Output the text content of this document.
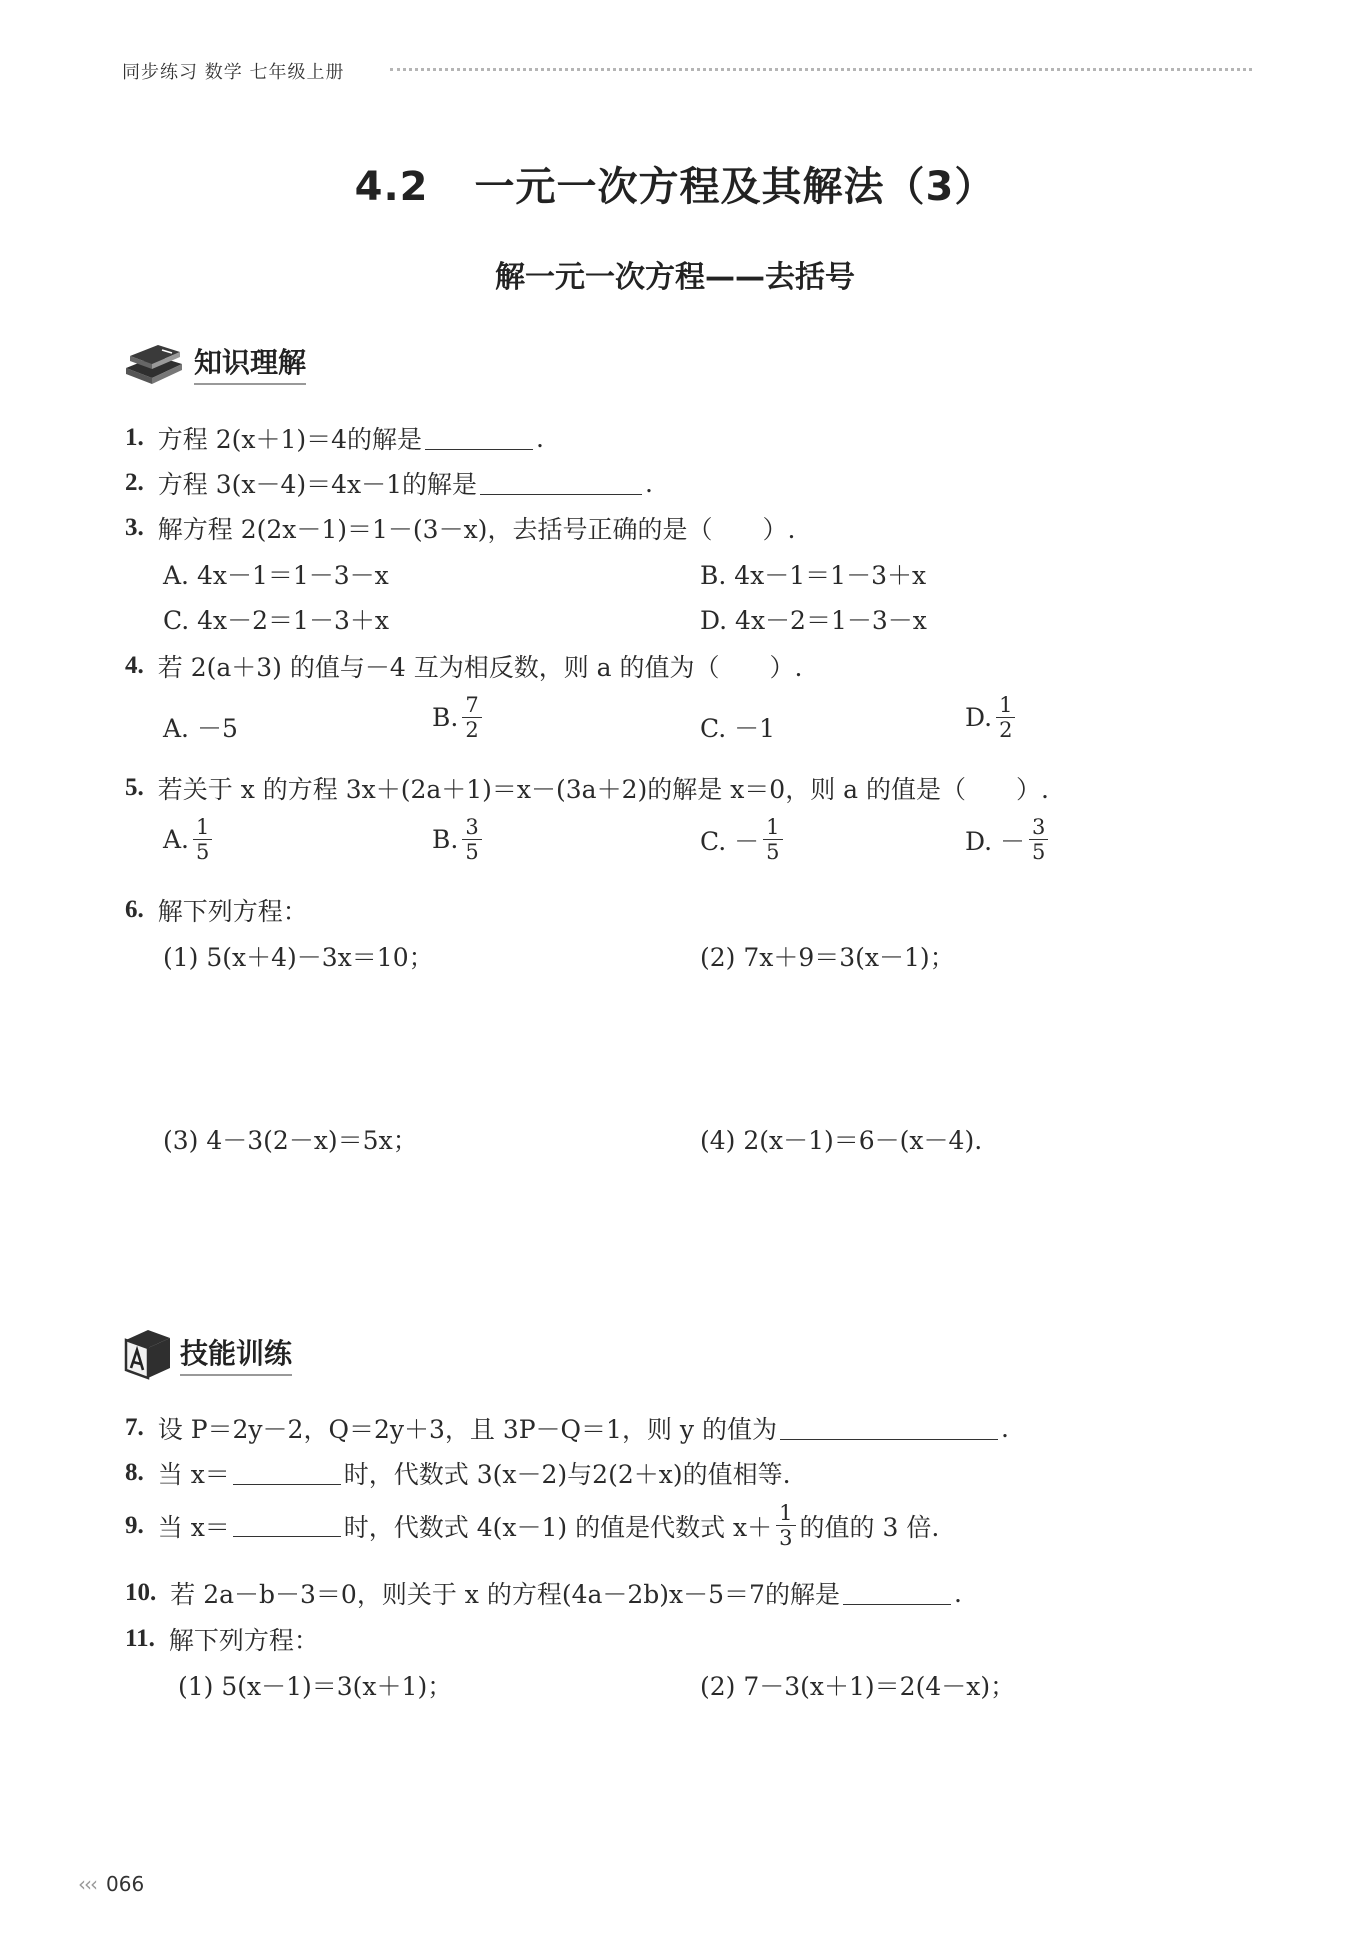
同步练习 数学 七年级上册
4.2 一元一次方程及其解法（3）
解一元一次方程——去括号
知识理解
1. 方程 2(x＋1)＝4的解是	.
2. 方程 3(x－4)＝4x－1的解是	.
3. 解方程 2(2x－1)＝1－(3－x)，去括号正确的是（　　）.
A. 4x－1＝1－3－x	B. 4x－1＝1－3＋x
C. 4x－2＝1－3＋x	D. 4x－2＝1－3－x
4. 若 2(a＋3) 的值与－4 互为相反数，则 a 的值为（　　）.
A. －5	B. $\frac{7}{2}$	C. －1	D. $\frac{1}{2}$
5. 若关于 x 的方程 3x＋(2a＋1)＝x－(3a＋2)的解是 x＝0，则 a 的值是（　　）.
A. $\frac{1}{5}$	B. $\frac{3}{5}$	C. － $\frac{1}{5}$	D. － $\frac{3}{5}$
6. 解下列方程：
(1) 5(x＋4)－3x＝10；	(2) 7x＋9＝3(x－1)；
(3) 4－3(2－x)＝5x；	(4) 2(x－1)＝6－(x－4).
技能训练
7. 设 P＝2y－2，Q＝2y＋3，且 3P－Q＝1，则 y 的值为	.
8. 当 x＝	时，代数式 3(x－2)与2(2＋x)的值相等.
9. 当 x＝	时，代数式 4(x－1) 的值是代数式 $x+ \frac{1}{3}$ 的值的 3 倍.
10. 若 2a－b－3＝0，则关于 x 的方程(4a－2b)x－5＝7的解是	.
11. 解下列方程：
(1) 5(x－1)＝3(x＋1)；	(2) 7－3(x＋1)＝2(4－x)；
‹‹‹ 066
